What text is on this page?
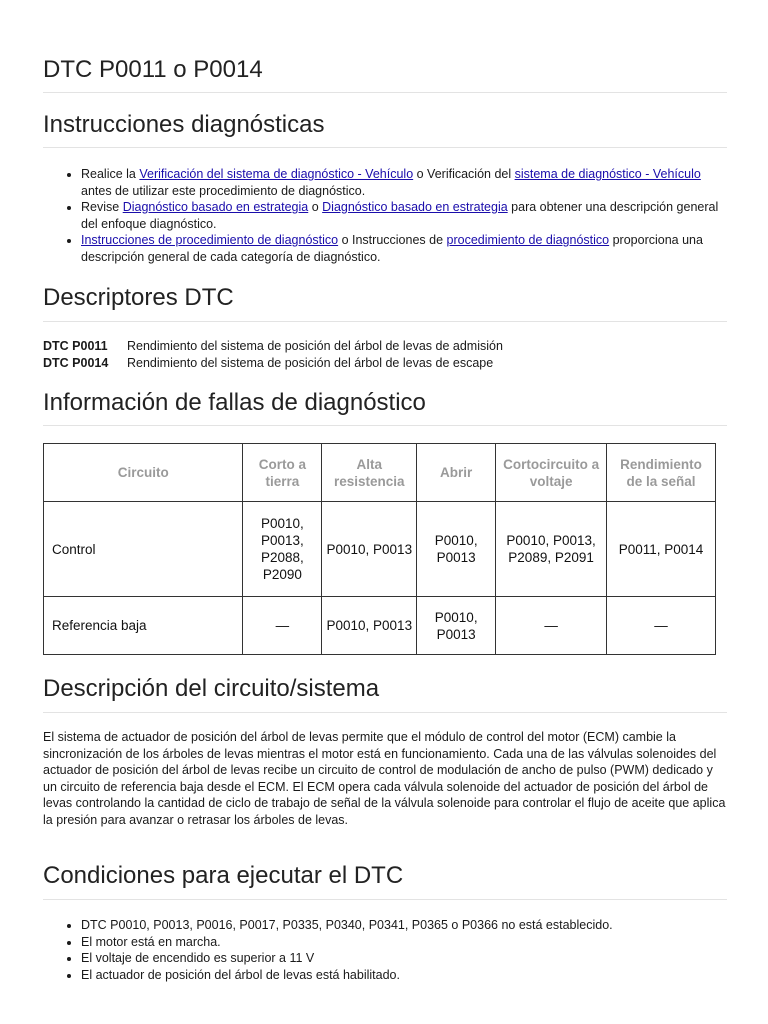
DTC P0011 o P0014
Instrucciones diagnósticas
• Realice la Verificación del sistema de diagnóstico - Vehículo o Verificación del sistema de diagnóstico - Vehículo antes de utilizar este procedimiento de diagnóstico.
• Revise Diagnóstico basado en estrategia o Diagnóstico basado en estrategia para obtener una descripción general del enfoque diagnóstico.
• Instrucciones de procedimiento de diagnóstico o Instrucciones de procedimiento de diagnóstico proporciona una descripción general de cada categoría de diagnóstico.
Descriptores DTC
DTC P0011	Rendimiento del sistema de posición del árbol de levas de admisión
DTC P0014	Rendimiento del sistema de posición del árbol de levas de escape
Información de fallas de diagnóstico
Circuito	Corto a tierra	Alta resistencia	Abrir	Cortocircuito a voltaje	Rendimiento de la señal
Control	P0010, P0013, P2088, P2090	P0010, P0013	P0010, P0013	P0010, P0013, P2089, P2091	P0011, P0014
Referencia baja	—	P0010, P0013	P0010, P0013	—	—
Descripción del circuito/sistema
El sistema de actuador de posición del árbol de levas permite que el módulo de control del motor (ECM) cambie la sincronización de los árboles de levas mientras el motor está en funcionamiento. Cada una de las válvulas solenoides del actuador de posición del árbol de levas recibe un circuito de control de modulación de ancho de pulso (PWM) dedicado y un circuito de referencia baja desde el ECM. El ECM opera cada válvula solenoide del actuador de posición del árbol de levas controlando la cantidad de ciclo de trabajo de señal de la válvula solenoide para controlar el flujo de aceite que aplica la presión para avanzar o retrasar los árboles de levas.
Condiciones para ejecutar el DTC
• DTC P0010, P0013, P0016, P0017, P0335, P0340, P0341, P0365 o P0366 no está establecido.
• El motor está en marcha.
• El voltaje de encendido es superior a 11 V
• El actuador de posición del árbol de levas está habilitado.
